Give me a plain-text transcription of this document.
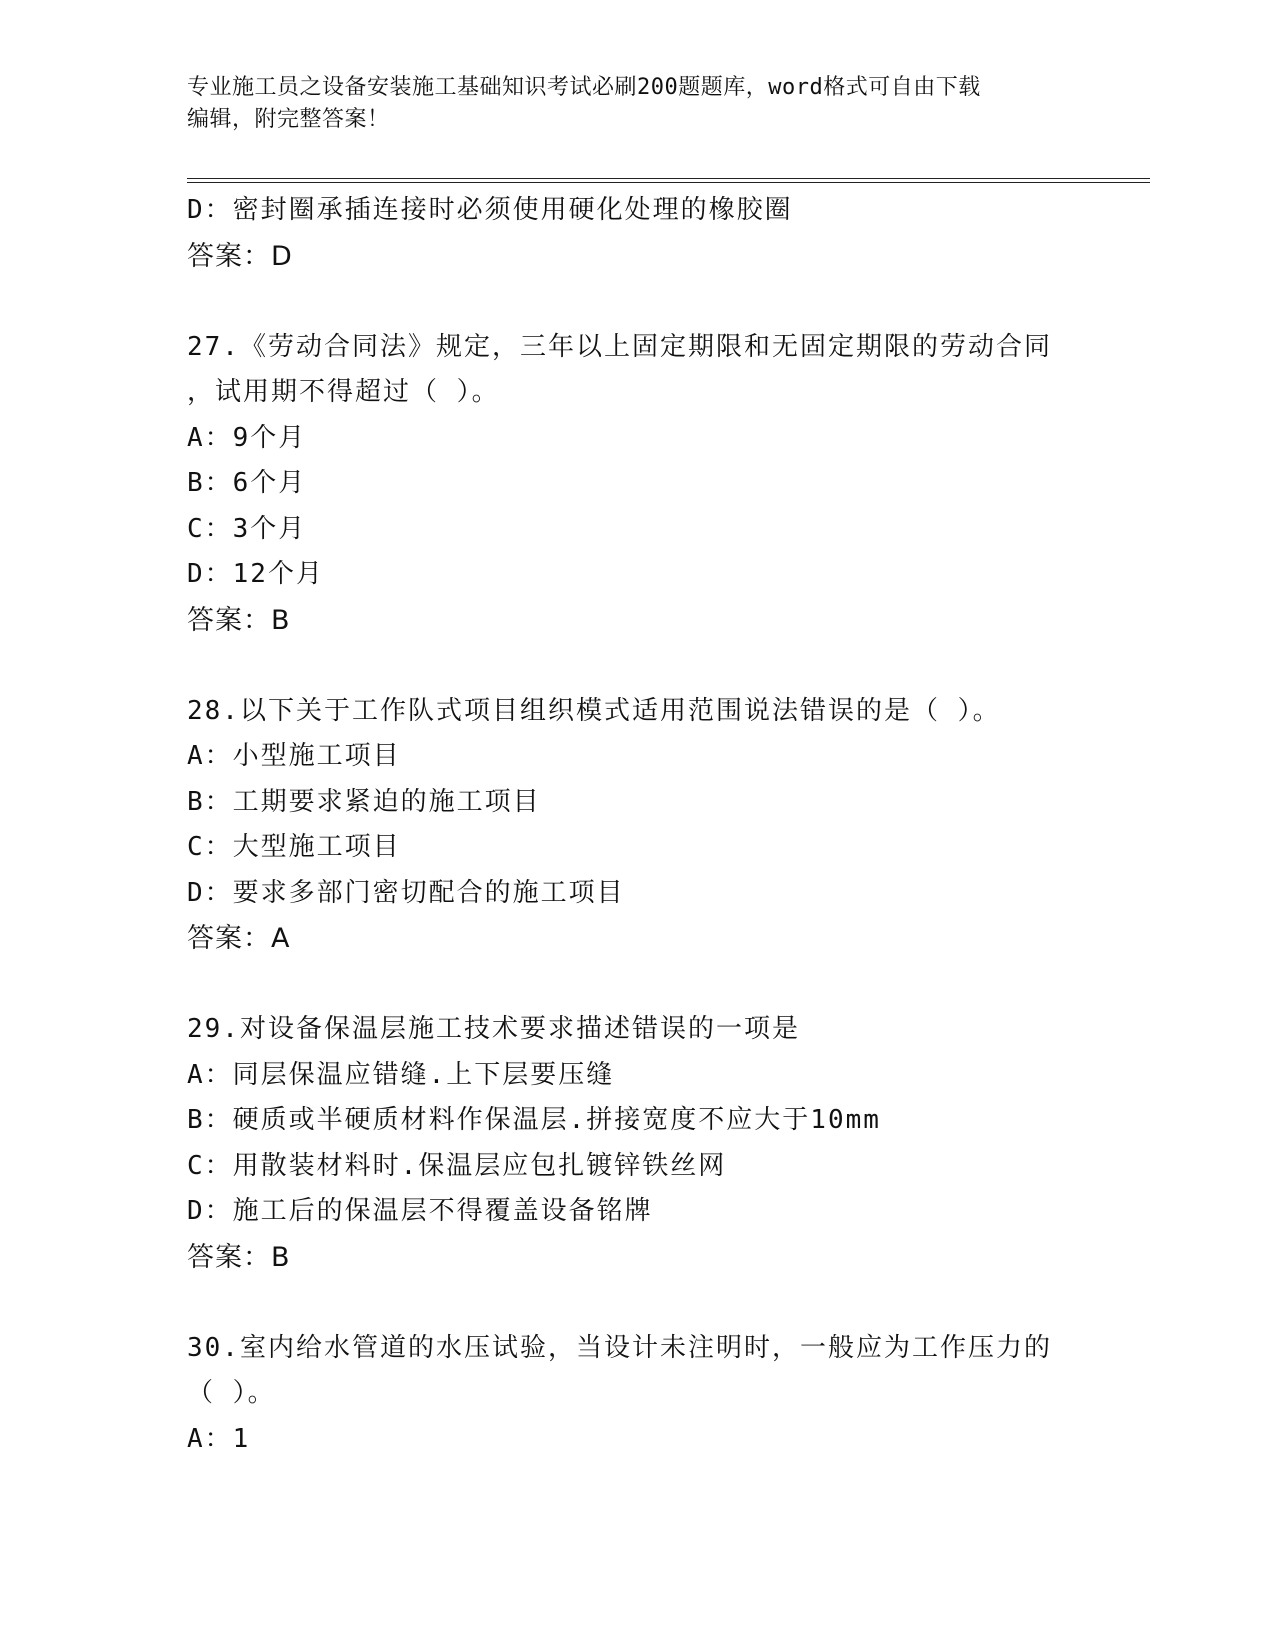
专业施工员之设备安装施工基础知识考试必刷200题题库，word格式可自由下载
编辑，附完整答案！
D：密封圈承插连接时必须使用硬化处理的橡胶圈
答案：D
27.《劳动合同法》规定，三年以上固定期限和无固定期限的劳动合同
，试用期不得超过（ ）。
A：9个月
B：6个月
C：3个月
D：12个月
答案：B
28.以下关于工作队式项目组织模式适用范围说法错误的是（ ）。
A：小型施工项目
B：工期要求紧迫的施工项目
C：大型施工项目
D：要求多部门密切配合的施工项目
答案：A
29.对设备保温层施工技术要求描述错误的一项是
A：同层保温应错缝.上下层要压缝
B：硬质或半硬质材料作保温层.拼接宽度不应大于10mm
C：用散装材料时.保温层应包扎镀锌铁丝网
D：施工后的保温层不得覆盖设备铭牌
答案：B
30.室内给水管道的水压试验，当设计未注明时，一般应为工作压力的
（ ）。
A：1
